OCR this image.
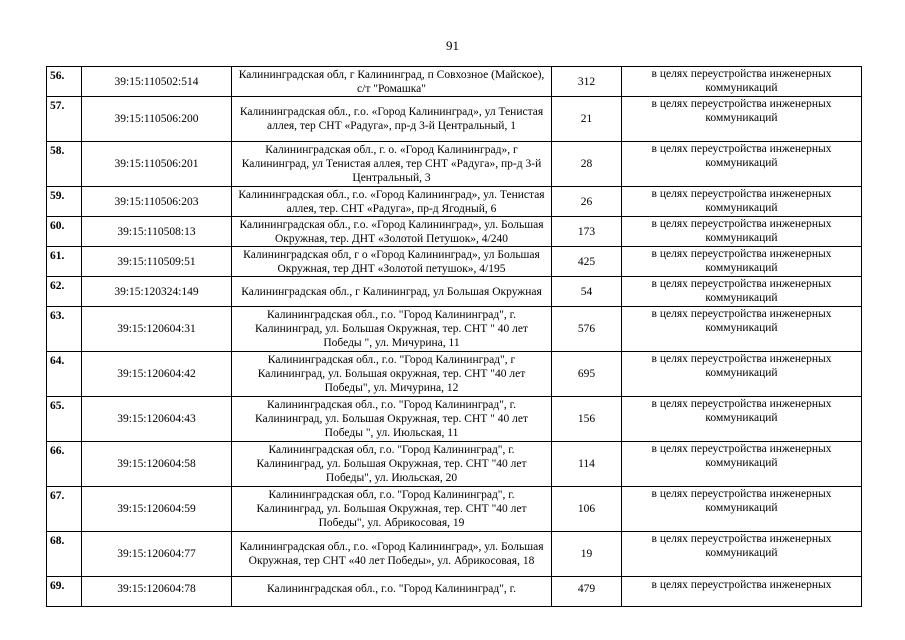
91
56.	39:15:110502:514	Калининградская обл, г Калининград, п Совхозное (Майское), с/т "Ромашка"	312	в целях переустройства инженерных коммуникаций
57.	39:15:110506:200	Калининградская обл., г.о. «Город Калининград», ул Тенистая аллея, тер СНТ «Радуга», пр-д 3-й Центральный, 1	21	в целях переустройства инженерных коммуникаций
58.	39:15:110506:201	Калининградская обл., г. о. «Город Калининград», г Калининград, ул Тенистая аллея, тер СНТ «Радуга», пр-д 3-й Центральный, 3	28	в целях переустройства инженерных коммуникаций
59.	39:15:110506:203	Калининградская обл., г.о. «Город Калининград», ул. Тенистая аллея, тер. СНТ «Радуга», пр-д Ягодный, 6	26	в целях переустройства инженерных коммуникаций
60.	39:15:110508:13	Калининградская обл., г.о. «Город Калининград», ул. Большая Окружная, тер. ДНТ «Золотой Петушок», 4/240	173	в целях переустройства инженерных коммуникаций
61.	39:15:110509:51	Калининградская обл, г о «Город Калининград», ул Большая Окружная, тер ДНТ «Золотой петушок», 4/195	425	в целях переустройства инженерных коммуникаций
62.	39:15:120324:149	Калининградская обл., г Калининград, ул Большая Окружная	54	в целях переустройства инженерных коммуникаций
63.	39:15:120604:31	Калининградская обл., г.о. "Город Калининград", г. Калининград, ул. Большая Окружная, тер. СНТ " 40 лет Победы ", ул. Мичурина, 11	576	в целях переустройства инженерных коммуникаций
64.	39:15:120604:42	Калининградская обл., г.о. "Город Калининград", г Калининград, ул. Большая окружная, тер. СНТ "40 лет Победы", ул. Мичурина, 12	695	в целях переустройства инженерных коммуникаций
65.	39:15:120604:43	Калининградская обл., г.о. "Город Калининград", г. Калининград, ул. Большая Окружная, тер. СНТ " 40 лет Победы ", ул. Июльская, 11	156	в целях переустройства инженерных коммуникаций
66.	39:15:120604:58	Калининградская обл, г.о. "Город Калининград", г. Калининград, ул. Большая Окружная, тер. СНТ "40 лет Победы", ул. Июльская, 20	114	в целях переустройства инженерных коммуникаций
67.	39:15:120604:59	Калининградская обл, г.о. "Город Калининград", г. Калининград, ул. Большая Окружная, тер. СНТ "40 лет Победы", ул. Абрикосовая, 19	106	в целях переустройства инженерных коммуникаций
68.	39:15:120604:77	Калининградская обл., г.о. «Город Калининград», ул. Большая Окружная, тер СНТ «40 лет Победы», ул. Абрикосовая, 18	19	в целях переустройства инженерных коммуникаций
69.	39:15:120604:78	Калининградская обл., г.о. "Город Калининград", г.	479	в целях переустройства инженерных
